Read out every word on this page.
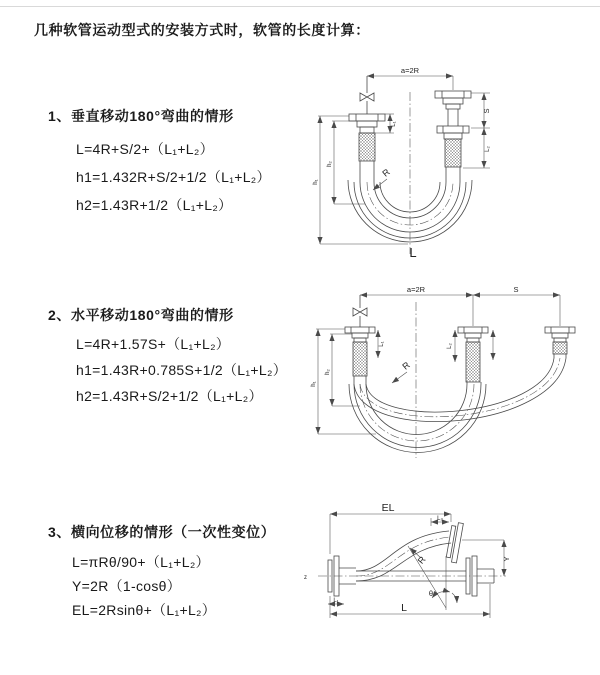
几种软管运动型式的安装方式时，软管的长度计算：
1、垂直移动180°弯曲的情形
L=4R+S/2+（L₁+L₂）
h1=1.432R+S/2+1/2（L₁+L₂）
h2=1.43R+1/2（L₁+L₂）
a=2R
S
L₂
L₁
h₁
h₂
R
L
2、水平移动180°弯曲的情形
L=4R+1.57S+（L₁+L₂）
h1=1.43R+0.785S+1/2（L₁+L₂）
h2=1.43R+S/2+1/2（L₁+L₂）
a=2R	S
h₁
h₂
L₁	L₂
R
3、横向位移的情形（一次性变位）
L=πRθ/90+（L₁+L₂）
Y=2R（1-cosθ）
EL=2Rsinθ+（L₁+L₂）
z
EL
L₂
Y
θ
R
L₁
L
